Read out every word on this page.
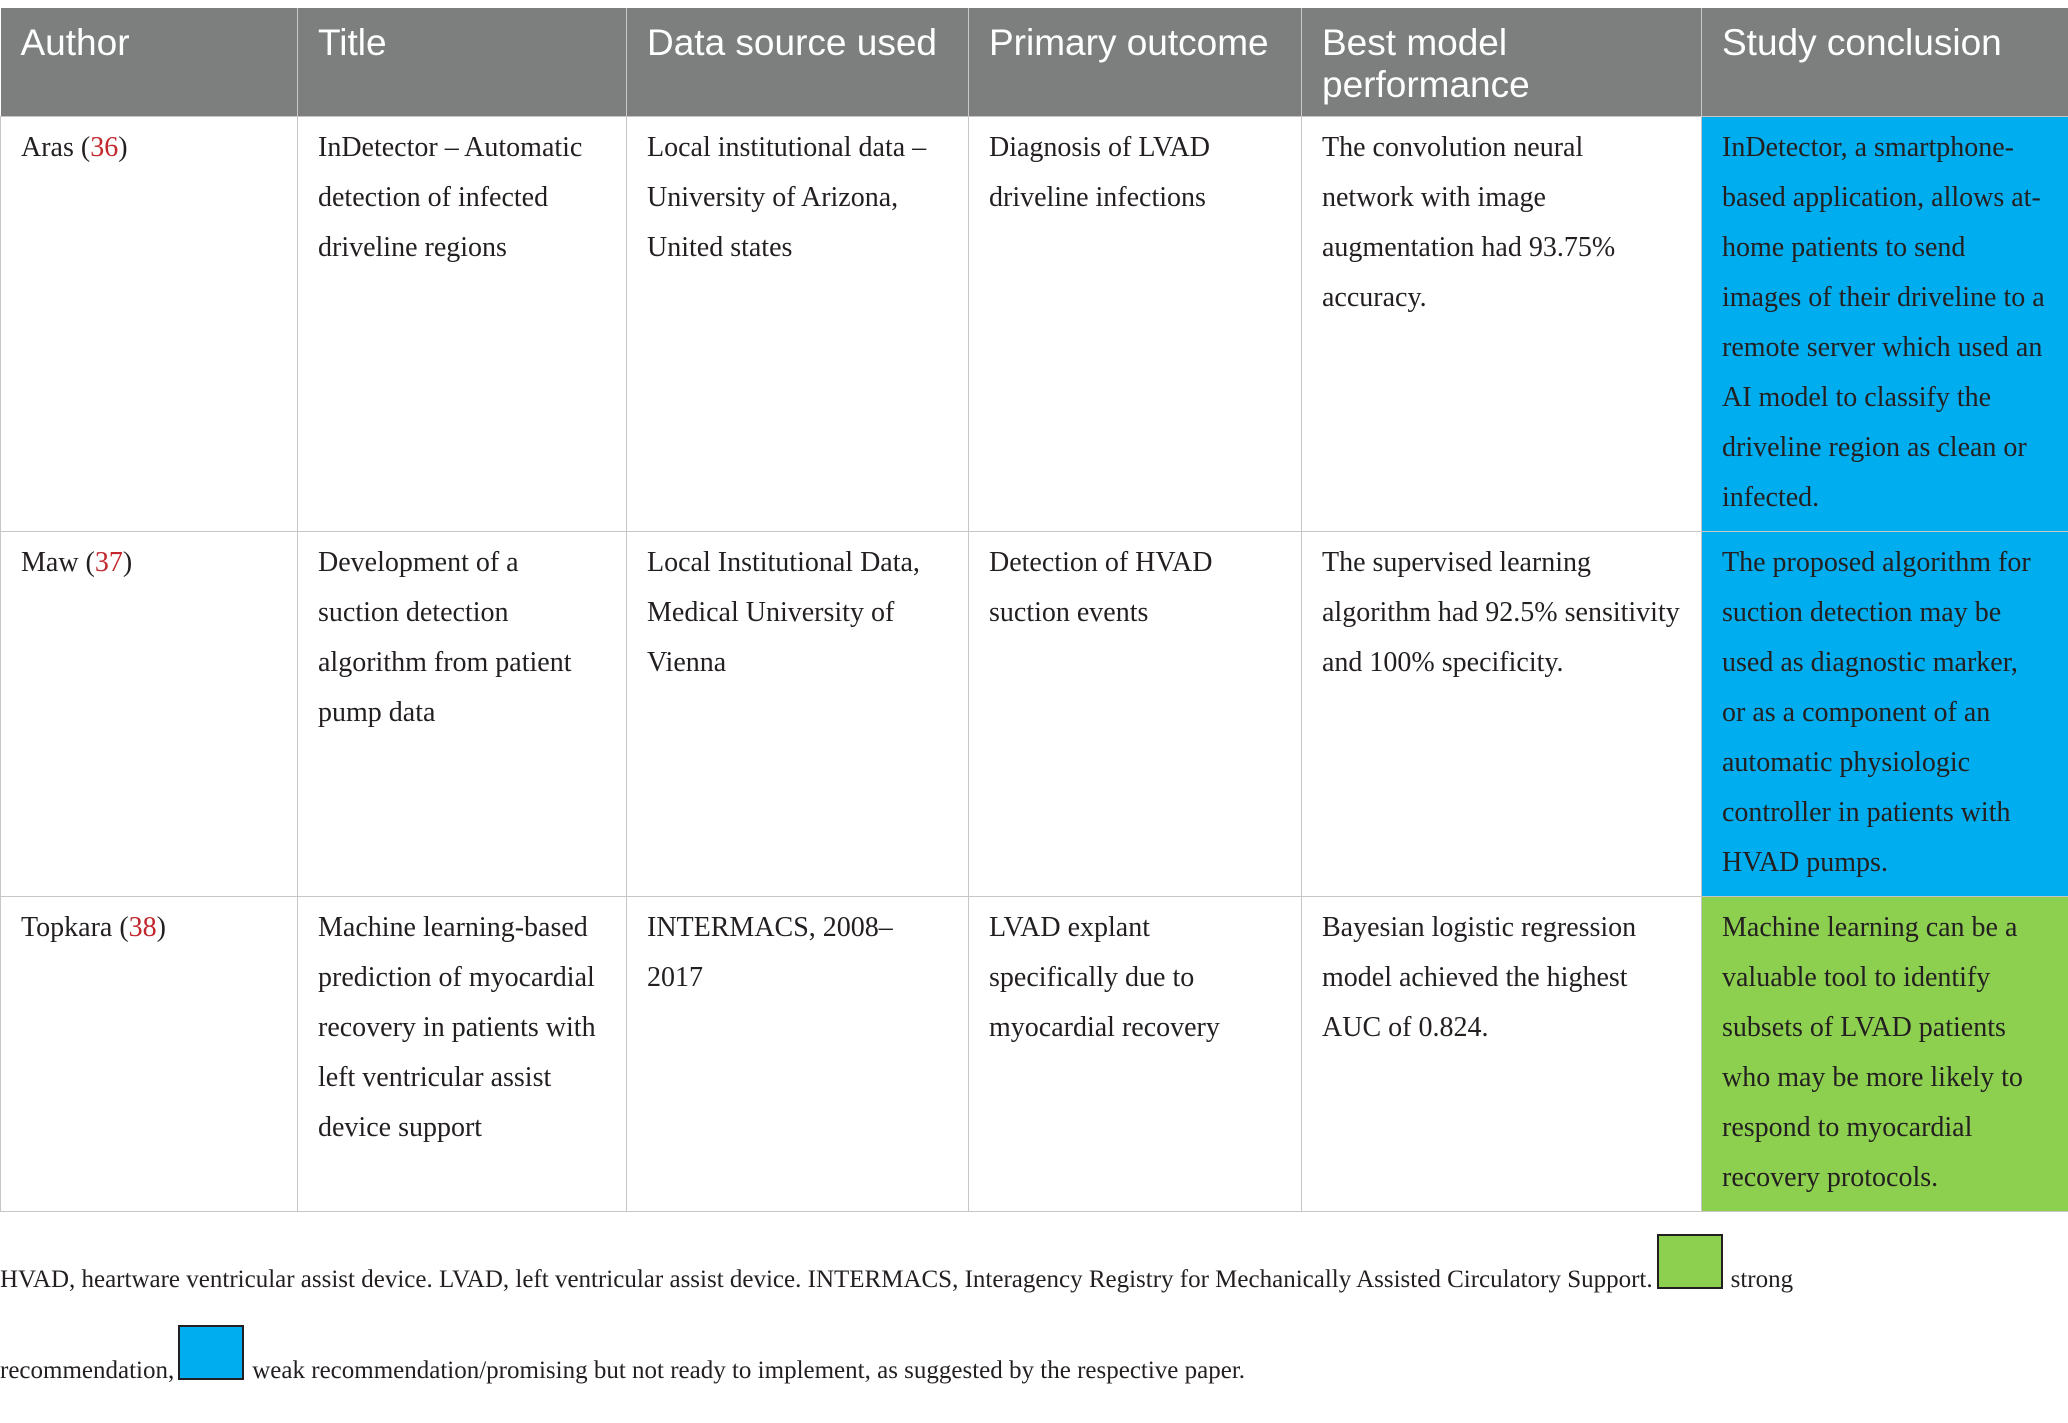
Author	Title	Data source used	Primary outcome	Best model performance	Study conclusion
Aras (36)	InDetector – Automatic detection of infected driveline regions	Local institutional data – University of Arizona, United states	Diagnosis of LVAD driveline infections	The convolution neural network with image augmentation had 93.75% accuracy.	InDetector, a smartphone-based application, allows at-home patients to send images of their driveline to a remote server which used an AI model to classify the driveline region as clean or infected.
Maw (37)	Development of a suction detection algorithm from patient pump data	Local Institutional Data, Medical University of Vienna	Detection of HVAD suction events	The supervised learning algorithm had 92.5% sensitivity and 100% specificity.	The proposed algorithm for suction detection may be used as diagnostic marker, or as a component of an automatic physiologic controller in patients with HVAD pumps.
Topkara (38)	Machine learning-based prediction of myocardial recovery in patients with left ventricular assist device support	INTERMACS, 2008–2017	LVAD explant specifically due to myocardial recovery	Bayesian logistic regression model achieved the highest AUC of 0.824.	Machine learning can be a valuable tool to identify subsets of LVAD patients who may be more likely to respond to myocardial recovery protocols.
HVAD, heartware ventricular assist device. LVAD, left ventricular assist device. INTERMACS, Interagency Registry for Mechanically Assisted Circulatory Support.	strong
recommendation,	weak recommendation/promising but not ready to implement, as suggested by the respective paper.
